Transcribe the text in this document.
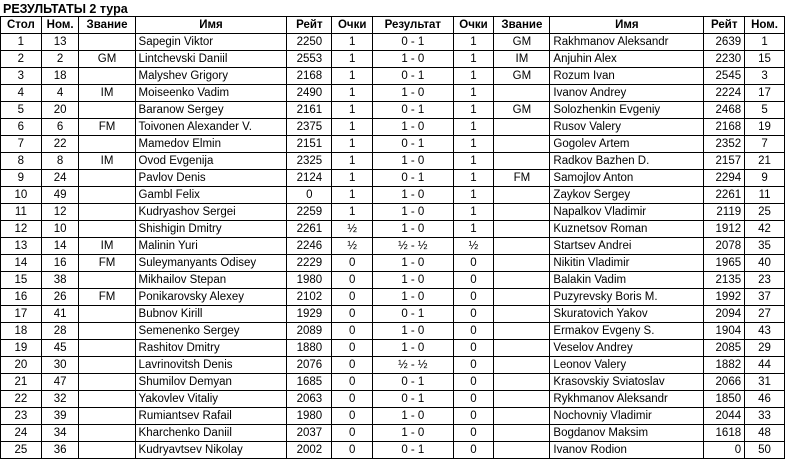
РЕЗУЛЬТАТЫ 2 тура
Стол	Ном.	Звание	Имя	Рейт	Очки	Результат	Очки	Звание	Имя	Рейт	Ном.
1	13		Sapegin Viktor	2250	1	0 - 1	1	GM	Rakhmanov Aleksandr	2639	1
2	2	GM	Lintchevski Daniil	2553	1	1 - 0	1	IM	Anjuhin Alex	2230	15
3	18		Malyshev Grigory	2168	1	0 - 1	1	GM	Rozum Ivan	2545	3
4	4	IM	Moiseenko Vadim	2490	1	1 - 0	1		Ivanov Andrey	2224	17
5	20		Baranow Sergey	2161	1	0 - 1	1	GM	Solozhenkin Evgeniy	2468	5
6	6	FM	Toivonen Alexander V.	2375	1	1 - 0	1		Rusov Valery	2168	19
7	22		Mamedov Elmin	2151	1	0 - 1	1		Gogolev Artem	2352	7
8	8	IM	Ovod Evgenija	2325	1	1 - 0	1		Radkov Bazhen D.	2157	21
9	24		Pavlov Denis	2124	1	0 - 1	1	FM	Samojlov Anton	2294	9
10	49		Gambl Felix	0	1	1 - 0	1		Zaykov Sergey	2261	11
11	12		Kudryashov Sergei	2259	1	1 - 0	1		Napalkov Vladimir	2119	25
12	10		Shishigin Dmitry	2261	½	1 - 0	1		Kuznetsov Roman	1912	42
13	14	IM	Malinin Yuri	2246	½	½ - ½	½		Startsev Andrei	2078	35
14	16	FM	Suleymanyants Odisey	2229	0	1 - 0	0		Nikitin Vladimir	1965	40
15	38		Mikhailov Stepan	1980	0	1 - 0	0		Balakin Vadim	2135	23
16	26	FM	Ponikarovsky Alexey	2102	0	1 - 0	0		Puzyrevsky Boris M.	1992	37
17	41		Bubnov Kirill	1929	0	0 - 1	0		Skuratovich Yakov	2094	27
18	28		Semenenko Sergey	2089	0	1 - 0	0		Ermakov Evgeny S.	1904	43
19	45		Rashitov Dmitry	1880	0	1 - 0	0		Veselov Andrey	2085	29
20	30		Lavrinovitsh Denis	2076	0	½ - ½	0		Leonov Valery	1882	44
21	47		Shumilov Demyan	1685	0	0 - 1	0		Krasovskiy Sviatoslav	2066	31
22	32		Yakovlev Vitaliy	2063	0	0 - 1	0		Rykhmanov Aleksandr	1850	46
23	39		Rumiantsev Rafail	1980	0	1 - 0	0		Nochovniy Vladimir	2044	33
24	34		Kharchenko Daniil	2037	0	1 - 0	0		Bogdanov Maksim	1618	48
25	36		Kudryavtsev Nikolay	2002	0	0 - 1	0		Ivanov Rodion	0	50
